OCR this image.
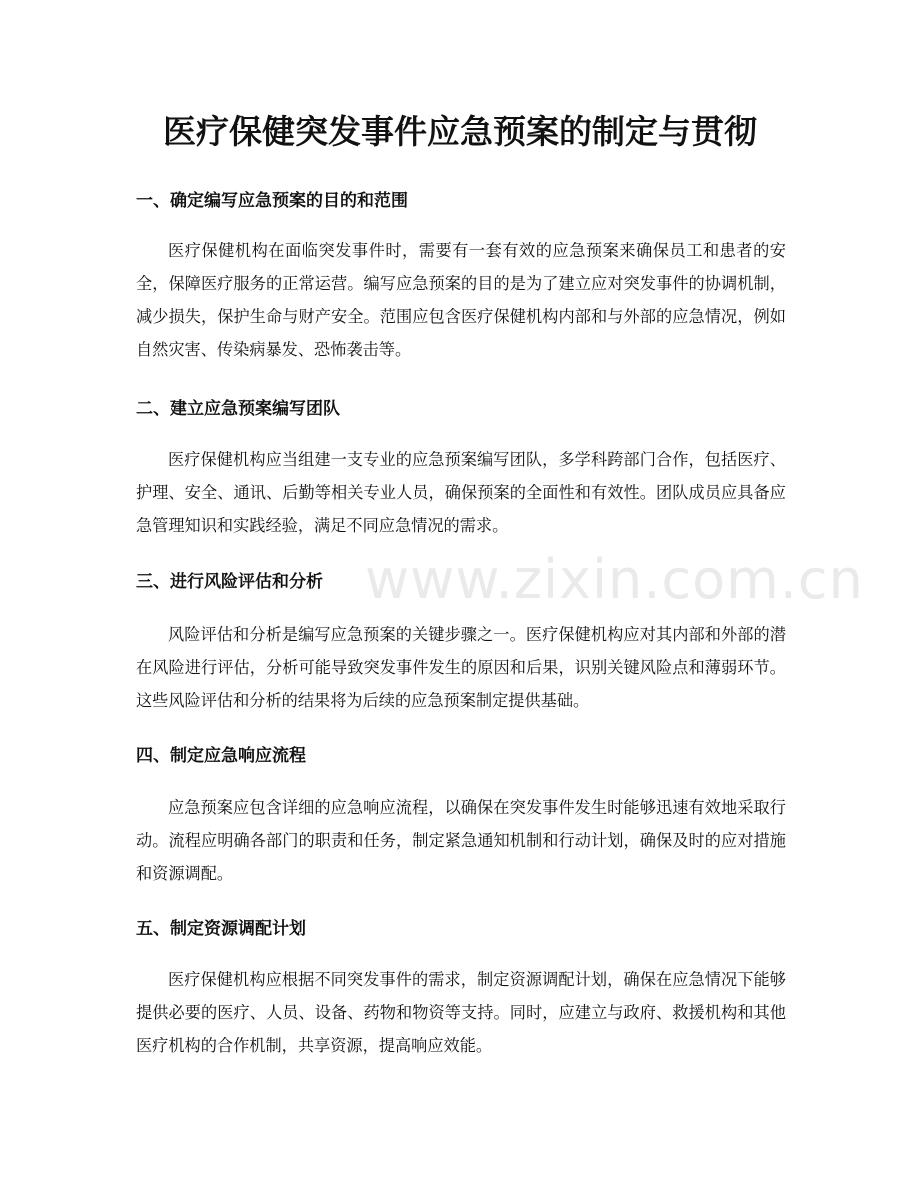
医疗保健突发事件应急预案的制定与贯彻
www.zixin.com.cn
一、确定编写应急预案的目的和范围

医疗保健机构在面临突发事件时，需要有一套有效的应急预案来确保员工和患者的安全，保障医疗服务的正常运营。编写应急预案的目的是为了建立应对突发事件的协调机制，减少损失，保护生命与财产安全。范围应包含医疗保健机构内部和与外部的应急情况，例如自然灾害、传染病暴发、恐怖袭击等。

二、建立应急预案编写团队

医疗保健机构应当组建一支专业的应急预案编写团队，多学科跨部门合作，包括医疗、护理、安全、通讯、后勤等相关专业人员，确保预案的全面性和有效性。团队成员应具备应急管理知识和实践经验，满足不同应急情况的需求。

三、进行风险评估和分析

风险评估和分析是编写应急预案的关键步骤之一。医疗保健机构应对其内部和外部的潜在风险进行评估，分析可能导致突发事件发生的原因和后果，识别关键风险点和薄弱环节。这些风险评估和分析的结果将为后续的应急预案制定提供基础。

四、制定应急响应流程

应急预案应包含详细的应急响应流程，以确保在突发事件发生时能够迅速有效地采取行动。流程应明确各部门的职责和任务，制定紧急通知机制和行动计划，确保及时的应对措施和资源调配。

五、制定资源调配计划

医疗保健机构应根据不同突发事件的需求，制定资源调配计划，确保在应急情况下能够提供必要的医疗、人员、设备、药物和物资等支持。同时，应建立与政府、救援机构和其他医疗机构的合作机制，共享资源，提高响应效能。
